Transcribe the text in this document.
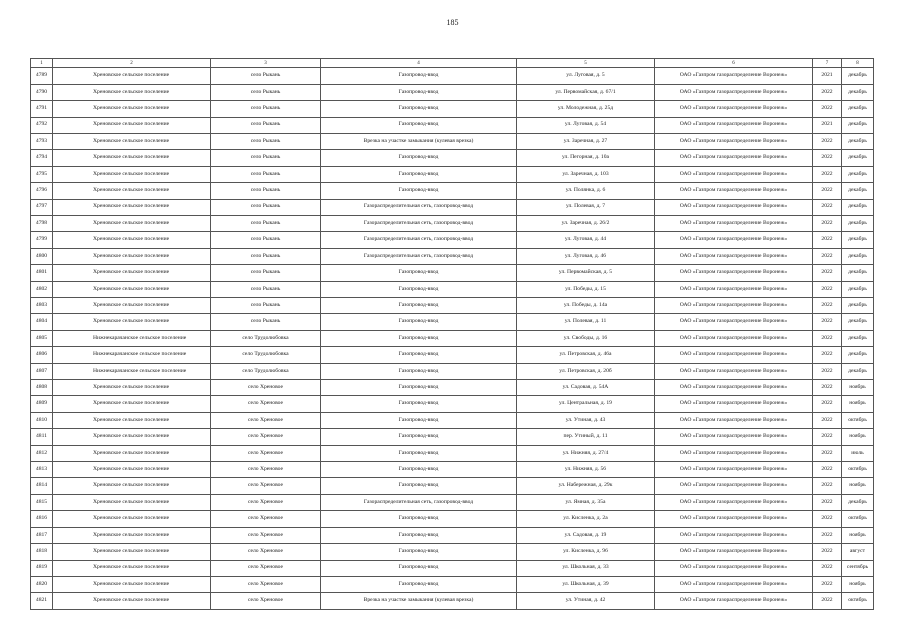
185
1	2	3	4	5	6	7	8
4789	Хреновское сельское поселение	село Рыкань	Газопровод-ввод	ул. Луговая, д. 5	ОАО «Газпром газораспределение Воронеж»	2021	декабрь
4790	Хреновское сельское поселение	село Рыкань	Газопровод-ввод	ул. Первомайская, д. 67/1	ОАО «Газпром газораспределение Воронеж»	2022	декабрь
4791	Хреновское сельское поселение	село Рыкань	Газопровод-ввод	ул. Молодежная, д. 25д	ОАО «Газпром газораспределение Воронеж»	2022	декабрь
4792	Хреновское сельское поселение	село Рыкань	Газопровод-ввод	ул. Луговая, д. 54	ОАО «Газпром газораспределение Воронеж»	2021	декабрь
4793	Хреновское сельское поселение	село Рыкань	Врезка на участке замыкания (кулевая врезка)	ул. Заречная, д. 27	ОАО «Газпром газораспределение Воронеж»	2022	декабрь
4794	Хреновское сельское поселение	село Рыкань	Газопровод-ввод	ул. Пегорная, д. 10а	ОАО «Газпром газораспределение Воронеж»	2022	декабрь
4795	Хреновское сельское поселение	село Рыкань	Газопровод-ввод	ул. Заречная, д. 103	ОАО «Газпром газораспределение Воронеж»	2022	декабрь
4796	Хреновское сельское поселение	село Рыкань	Газопровод-ввод	ул. Полянка, д. 6	ОАО «Газпром газораспределение Воронеж»	2022	декабрь
4797	Хреновское сельское поселение	село Рыкань	Газораспределительная сеть, газопровод-ввод	ул. Полевая, д. 7	ОАО «Газпром газораспределение Воронеж»	2022	декабрь
4798	Хреновское сельское поселение	село Рыкань	Газораспределительная сеть, газопровод-ввод	ул. Заречная, д. 26/2	ОАО «Газпром газораспределение Воронеж»	2022	декабрь
4799	Хреновское сельское поселение	село Рыкань	Газораспределительная сеть, газопровод-ввод	ул. Луговая, д. 44	ОАО «Газпром газораспределение Воронеж»	2022	декабрь
4800	Хреновское сельское поселение	село Рыкань	Газораспределительная сеть, газопровод-ввод	ул. Луговая, д. 46	ОАО «Газпром газораспределение Воронеж»	2022	декабрь
4801	Хреновское сельское поселение	село Рыкань	Газопровод-ввод	ул. Первомайская, д. 5	ОАО «Газпром газораспределение Воронеж»	2022	декабрь
4802	Хреновское сельское поселение	село Рыкань	Газопровод-ввод	ул. Победы, д. 15	ОАО «Газпром газораспределение Воронеж»	2022	декабрь
4803	Хреновское сельское поселение	село Рыкань	Газопровод-ввод	ул. Победы, д. 14а	ОАО «Газпром газораспределение Воронеж»	2022	декабрь
4804	Хреновское сельское поселение	село Рыкань	Газопровод-ввод	ул. Полевая, д. 11	ОАО «Газпром газораспределение Воронеж»	2022	декабрь
4805	Нижнекарачанское сельское поселение	село Трудолюбовка	Газопровод-ввод	ул. Свободы, д. 16	ОАО «Газпром газораспределение Воронеж»	2022	декабрь
4806	Нижнекарачанское сельское поселение	село Трудолюбовка	Газопровод-ввод	ул. Петровская, д. 46а	ОАО «Газпром газораспределение Воронеж»	2022	декабрь
4807	Нижнекарачанское сельское поселение	село Трудолюбовка	Газопровод-ввод	ул. Петровская, д. 20б	ОАО «Газпром газораспределение Воронеж»	2022	декабрь
4808	Хреновское сельское поселение	село Хреновое	Газопровод-ввод	ул. Садовая, д. 54А	ОАО «Газпром газораспределение Воронеж»	2022	ноябрь
4809	Хреновское сельское поселение	село Хреновое	Газопровод-ввод	ул. Центральная, д. 19	ОАО «Газпром газораспределение Воронеж»	2022	ноябрь
4810	Хреновское сельское поселение	село Хреновое	Газопровод-ввод	ул. Утиная, д. 43	ОАО «Газпром газораспределение Воронеж»	2022	октябрь
4811	Хреновское сельское поселение	село Хреновое	Газопровод-ввод	пер. Утиный, д. 11	ОАО «Газпром газораспределение Воронеж»	2022	ноябрь
4812	Хреновское сельское поселение	село Хреновое	Газопровод-ввод	ул. Нижняя, д. 27/4	ОАО «Газпром газораспределение Воронеж»	2022	июль
4813	Хреновское сельское поселение	село Хреновое	Газопровод-ввод	ул. Нижняя, д. 56	ОАО «Газпром газораспределение Воронеж»	2022	октябрь
4814	Хреновское сельское поселение	село Хреновое	Газопровод-ввод	ул. Набережная, д. 29к	ОАО «Газпром газораспределение Воронеж»	2022	ноябрь
4815	Хреновское сельское поселение	село Хреновое	Газораспределительная сеть, газопровод-ввод	ул. Ямная, д. 35а	ОАО «Газпром газораспределение Воронеж»	2022	декабрь
4816	Хреновское сельское поселение	село Хреновое	Газопровод-ввод	ул. Кисленка, д. 2а	ОАО «Газпром газораспределение Воронеж»	2022	октябрь
4817	Хреновское сельское поселение	село Хреновое	Газопровод-ввод	ул. Садовая, д. 19	ОАО «Газпром газораспределение Воронеж»	2022	ноябрь
4818	Хреновское сельское поселение	село Хреновое	Газопровод-ввод	ул. Кисленка, д. 96	ОАО «Газпром газораспределение Воронеж»	2022	август
4819	Хреновское сельское поселение	село Хреновое	Газопровод-ввод	ул. Школьная, д. 33	ОАО «Газпром газораспределение Воронеж»	2022	сентябрь
4820	Хреновское сельское поселение	село Хреновое	Газопровод-ввод	ул. Школьная, д. 39	ОАО «Газпром газораспределение Воронеж»	2022	ноябрь
4821	Хреновское сельское поселение	село Хреновое	Врезка на участке замыкания (кулевая врезка)	ул. Утиная, д. 42	ОАО «Газпром газораспределение Воронеж»	2022	октябрь
